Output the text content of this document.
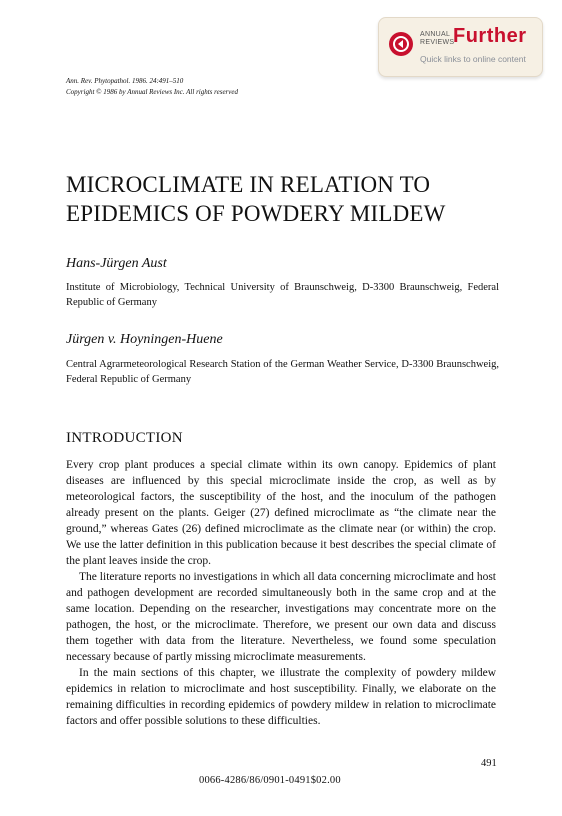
ANNUAL
REVIEWS
Further
Quick links to online content
Ann. Rev. Phytopathol. 1986. 24:491–510
Copyright © 1986 by Annual Reviews Inc. All rights reserved
MICROCLIMATE IN RELATION TO
EPIDEMICS OF POWDERY MILDEW
Hans-Jürgen Aust
Institute of Microbiology, Technical University of Braunschweig, D-3300 Braunschweig, Federal Republic of Germany
Jürgen v. Hoyningen-Huene
Central Agrarmeteorological Research Station of the German Weather Service, D-3300 Braunschweig, Federal Republic of Germany
INTRODUCTION

Every crop plant produces a special climate within its own canopy. Epidemics of plant diseases are influenced by this special microclimate inside the crop, as well as by meteorological factors, the susceptibility of the host, and the inoculum of the pathogen already present on the plants. Geiger (27) defined microclimate as “the climate near the ground,” whereas Gates (26) defined microclimate as the climate near (or within) the crop. We use the latter definition in this publication because it best describes the special climate of the plant leaves inside the crop.

The literature reports no investigations in which all data concerning microclimate and host and pathogen development are recorded simultaneously both in the same crop and at the same location. Depending on the researcher, investigations may concentrate more on the pathogen, the host, or the microclimate. Therefore, we present our own data and discuss them together with data from the literature. Nevertheless, we found some speculation necessary because of partly missing microclimate measurements.

In the main sections of this chapter, we illustrate the complexity of powdery mildew epidemics in relation to microclimate and host susceptibility. Finally, we elaborate on the remaining difficulties in recording epidemics of powdery mildew in relation to microclimate factors and offer possible solutions to these difficulties.

491
0066-4286/86/0901-0491$02.00
